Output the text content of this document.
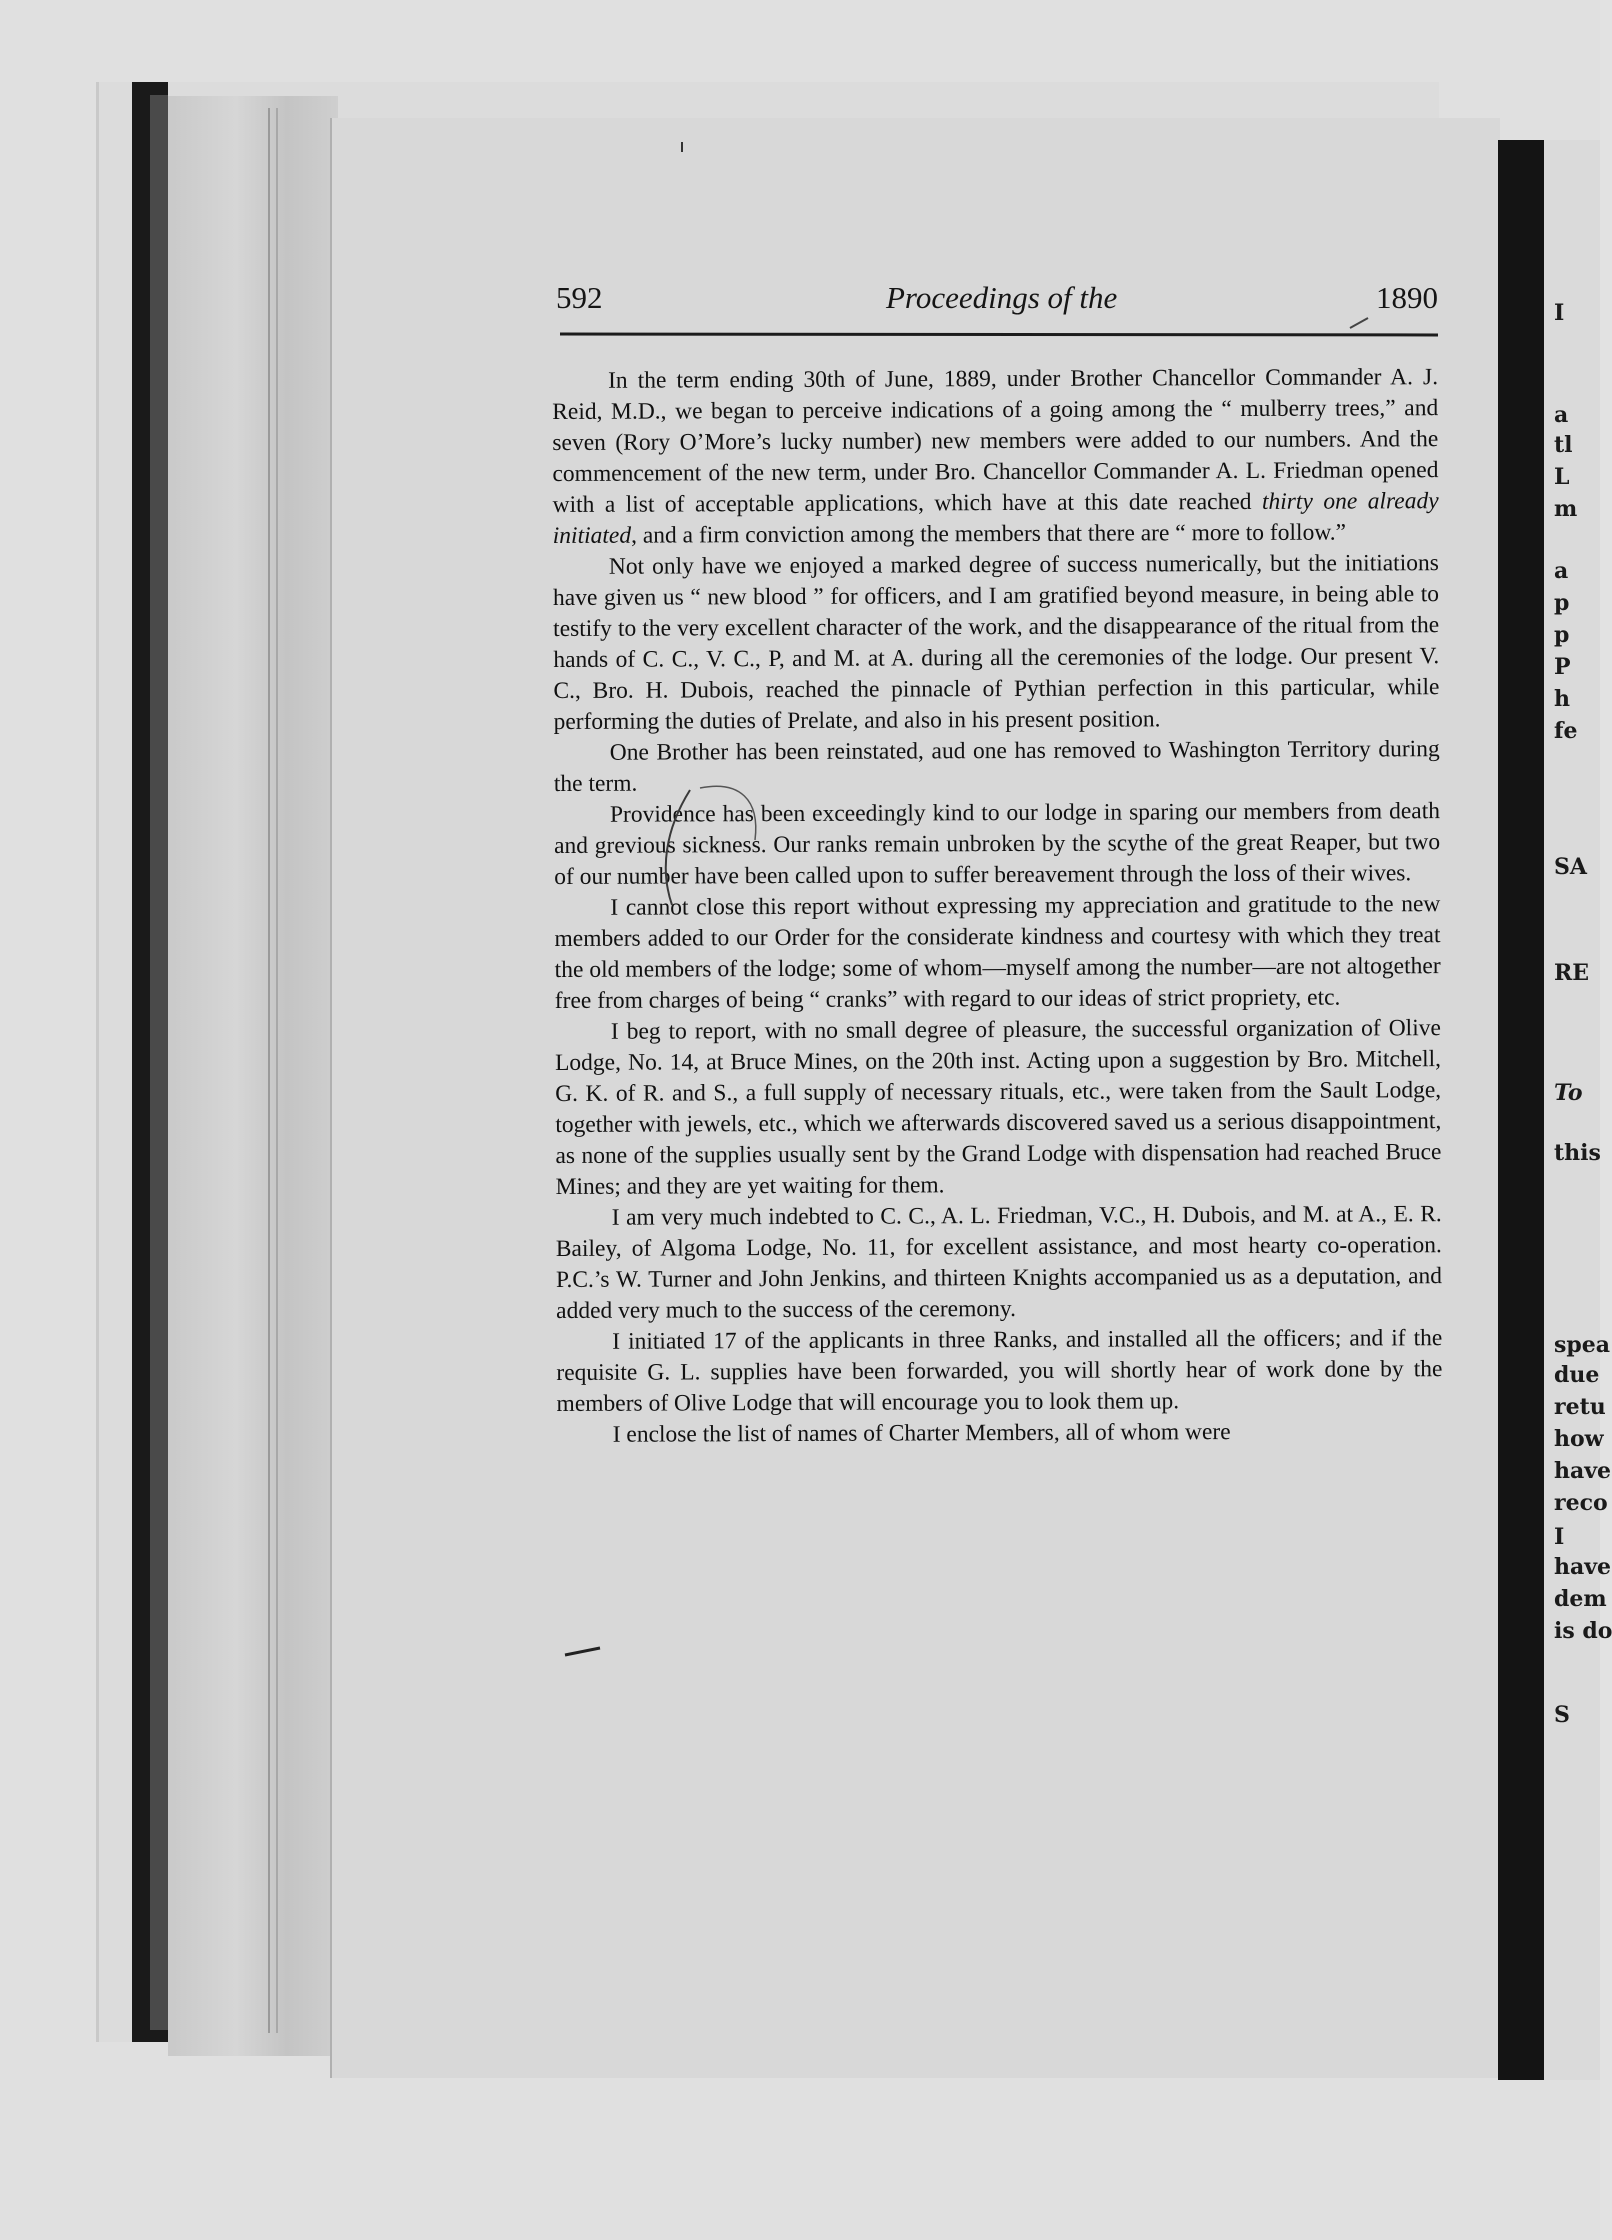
I
a
tl
L
m
a
p
p
P
h
fe
SA
RE
To
this
spea
due
retu
how
have
reco
I
have
dem
is do
S
592	Proceedings of the	1890

In the term ending 30th of June, 1889, under Brother Chancellor Commander A. J. Reid, M.D., we began to perceive indications of a going among the “ mulberry trees,” and seven (Rory O’More’s lucky number) new members were added to our numbers. And the commencement of the new term, under Bro. Chancellor Commander A. L. Friedman opened with a list of acceptable applications, which have at this date reached thirty one already initiated, and a firm conviction among the members that there are “ more to follow.”

Not only have we enjoyed a marked degree of success numerically, but the initiations have given us “ new blood ” for officers, and I am gratified beyond measure, in being able to testify to the very excellent character of the work, and the disappearance of the ritual from the hands of C. C., V. C., P, and M. at A. during all the ceremonies of the lodge. Our present V. C., Bro. H. Dubois, reached the pinnacle of Pythian perfection in this particular, while performing the duties of Prelate, and also in his present position.

One Brother has been reinstated, aud one has removed to Washington Territory during the term.

Providence has been exceedingly kind to our lodge in sparing our members from death and grevious sickness. Our ranks remain unbroken by the scythe of the great Reaper, but two of our number have been called upon to suffer bereavement through the loss of their wives.

I cannot close this report without expressing my appreciation and gratitude to the new members added to our Order for the considerate kindness and courtesy with which they treat the old members of the lodge; some of whom—myself among the number—are not altogether free from charges of being “ cranks” with regard to our ideas of strict propriety, etc.

I beg to report, with no small degree of pleasure, the successful organization of Olive Lodge, No. 14, at Bruce Mines, on the 20th inst. Acting upon a suggestion by Bro. Mitchell, G. K. of R. and S., a full supply of necessary rituals, etc., were taken from the Sault Lodge, together with jewels, etc., which we afterwards discovered saved us a serious disappointment, as none of the supplies usually sent by the Grand Lodge with dispensation had reached Bruce Mines; and they are yet waiting for them.

I am very much indebted to C. C., A. L. Friedman, V.C., H. Dubois, and M. at A., E. R. Bailey, of Algoma Lodge, No. 11, for excellent assistance, and most hearty co-operation. P.C.’s W. Turner and John Jenkins, and thirteen Knights accompanied us as a deputation, and added very much to the success of the ceremony.

I initiated 17 of the applicants in three Ranks, and installed all the officers; and if the requisite G. L. supplies have been forwarded, you will shortly hear of work done by the members of Olive Lodge that will encourage you to look them up.

I enclose the list of names of Charter Members, all of whom were
